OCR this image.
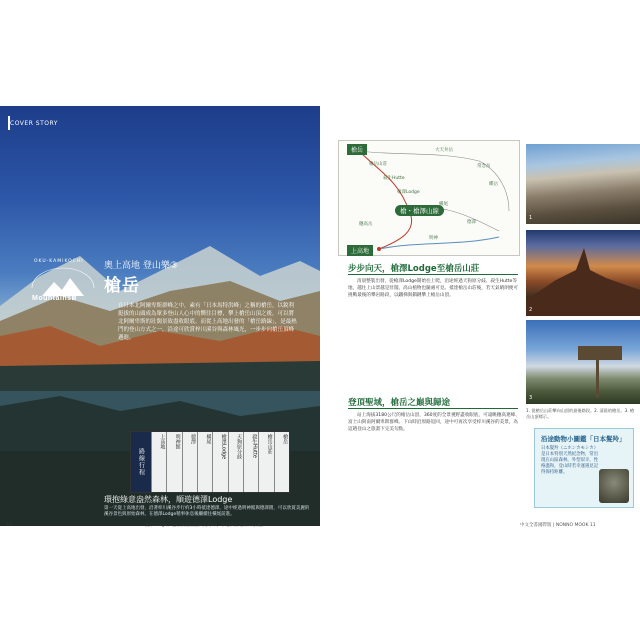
COVER STORY
MountainsⅢ
OKU-KAMIKOCHI 奧上高地 登山樂③
槍岳
在日本北阿爾卑斯群峰之中，素有「日本馬特洪峰」之稱的槍岳，以銳利挺拔的山頭成為眾多登山人心中的嚮往目標，攀上槍岳山頂之後，可以將北阿爾卑斯的壯闊景致盡收眼底。而從上高地出發的「槍岳路線」，是最熱門的登山方式之一，沿途可欣賞梓川溪谷與森林風光，一步步向槍岳頂峰邁進。
路線行程
上高地	明神館	德澤	橫尾	槍澤Lodge	天狗原分歧	殺生Hutte	槍岳山莊	槍岳
環抱綠意盎然森林，順遊德澤Lodge
第一天從上高地出發，沿著梓川溪谷步行約3小時抵達德澤，途中經過明神館與德澤園，可以欣賞美麗的溪谷景色與原始森林，在德澤Lodge稍事休息後繼續往橫尾前進。
10	「槍澤Lodge」是位於槍岳登山路線中，休憩與住宿的好去處。
槍岳
槍・槍澤山線
上高地
大天井岳
槍岳山莊
殺生Hutte
槍澤Lodge
橫尾
德澤
明神
蝶岳
常念岳
穗高岳
步步向天，槍澤Lodge至槍岳山莊
清晨整裝出發，從槍澤Lodge開始往上爬，沿途經過天狗原分歧、殺生Hutte等地，越往上山景越是壯闊，高山植物也隨處可見。抵達槍岳山莊後，若天氣晴朗便可挑戰最後的攀岩路段，以鐵梯與鎖鏈攀上槍岳山頂。
登頂聖域，槍岳之巔與歸途
站上海拔3180公尺的槍岳山頂，360度的全景視野盡收眼底，可遠眺穗高連峰、富士山與南阿爾卑斯群峰。下山時沿原路返回，途中可再次享受梓川溪谷的美景，為這趟登山之旅畫下完美句點。
1
2
3
1. 從槍岳山莊攀向山頂的最後路段。2. 清晨的槍岳。3. 槍岳山頂標示。
沿途動物小圖鑑「日本髮羚」
日本髮羚（ニホンカモシカ）是日本特別天然紀念物，常出現在山區森林，外型似羊，性格溫和，登山時若幸運遇見記得保持距離。
中文全書國際版 | NONNO MOOK 11
